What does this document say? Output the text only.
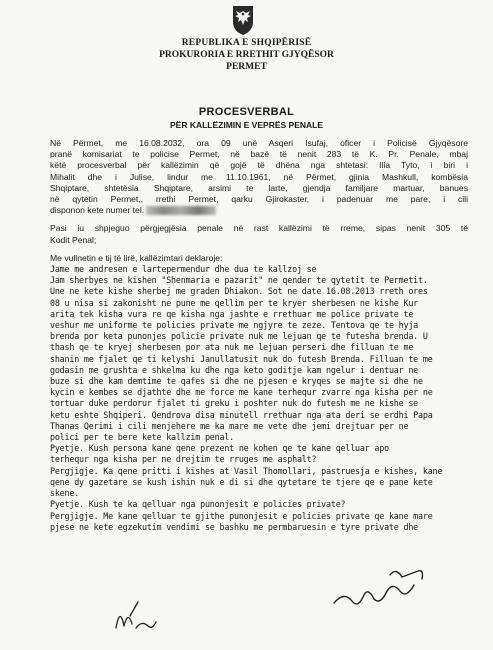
REPUBLIKA E SHQIPËRISË
PROKURORIA E RRETHIT GJYQËSOR
PERMET
PROCESVERBAL
PËR KALLËZIMIN E VEPRËS PENALE
Në Përmet, me 16.08.2032, ora 09 unë Asqeri Isufaj, oficer i Policisë Gjyqësore
pranë komisariat te policise Permet, në bazë të nenit 283 të K. Pr. Penale, mbaj
këtë procesverbal për kallëzimin që gojë të dhëna nga shtetasi: Ilia Tyto, i biri i
Mihalit dhe i Julise, lindur me 11.10.1961, në Përmet, gjinia Mashkull, kombësia
Shqiptare, shtetësia Shqiptare, arsimi te larte, gjendja familjare martuar, banues
në qytetin Permet,, rrethi Permet, qarku Gjirokaster, i padenuar me pare, i cili
disponon kete numer tel.
Pasi iu shpjeguo përgjegjësia penale në rast kallëzimi të rreme, sipas nenit 305 të
Kodit Penal;
Me vullnetin e tij të lirë, kallëzimtari deklaroje:
Jame me andresen e lartepermendur dhe dua te kallzoj se
Jam sherbyes ne kishen "Shenmaria e pazarit" ne qender te qytetit te Permetit.
Une ne kete kishe sherbej me graden Dhiakon. Sot ne date 16.08.2013 rreth ores
08 u nisa si zakonisht ne pune me qellim per te kryer sherbesen ne kishe Kur
arita tek kisha vura re qe kisha nga jashte e rrethuar me police private te
veshur me uniforme te policies private me ngjyre te zeze. Tentova qe te hyja
brenda por keta punonjes policie private nuk me lejuan qe te futesha brenda. U
thash qe te kryej sherbesen por ata nuk me lejuan perseri dhe filluan te me
shanin me fjalet qe ti kelyshi Janullatusit nuk do futesh Brenda. Filluan te me
godasin me grushta e shkelma ku dhe nga keto goditje kam ngelur i dentuar ne
buze si dhe kam demtime te qafes si dhe ne pjesen e kryqes se majte si dhe ne
kycin e kembes se djathte dhe me force me kane terhequr zvarre nga kisha per ne
tortuar duke perdorur fjalet ti greku i poshter nuk do futesh me ne kishe se
ketu eshte Shqiperi. Qendrova disa minutell rrethuar nga ata deri se erdhi Papa
Thanas Qerimi i cili menjehere me ka mare me vete dhe jemi drejtuar per ne
polici per te bere kete kallzim penal.
Pyetje. Kush persona kane qene prezent ne kohen qe te kane qelluar apo
terhequr nga kisha per ne drejtim te rruges me asphalt?
Pergjigje. Ka qene pritti i kishes at Vasil Thomollari, pastruesja e kishes, kane
qene dy gazetare se kush ishin nuk e di si dhe qytetare te tjere qe e pane kete
skene.
Pyetje. Kush te ka qelluar nga punonjesit e policies private?
Pergjigje. Me kane qelluar te gjithe punonjesit e policies private qe kane mare
pjese ne kete egzekutim vendimi se bashku me permbaruesin e tyre private dhe
